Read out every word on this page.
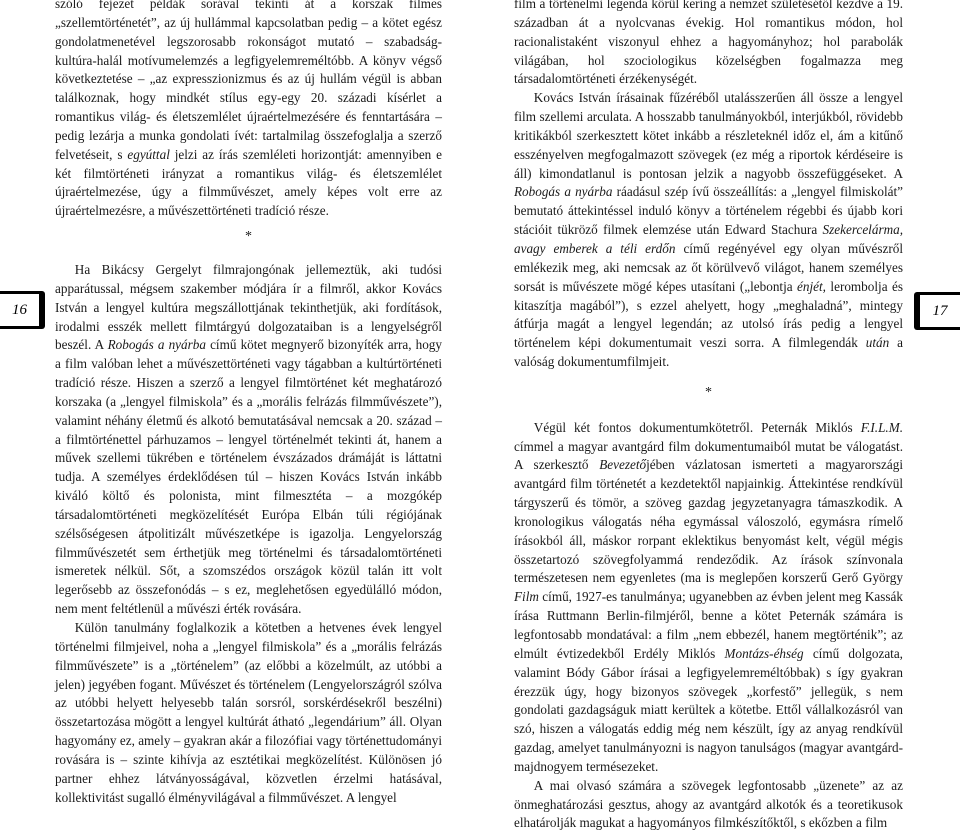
szóló fejezet példák sorával tekinti át a korszak filmes „szellemtörténetét”, az új hullámmal kapcsolatban pedig – a kötet egész gondolatmenetével legszorosabb rokonságot mutató – szabadság-kultúra-halál motívumelemzés a legfigyelemreméltóbb. A könyv végső következtetése – „az expresszionizmus és az új hullám végül is abban találkoznak, hogy mindkét stílus egy-egy 20. századi kísérlet a romantikus világ- és életszemlélet újraértelmezésére és fenntartására – pedig lezárja a munka gondolati ívét: tartalmilag összefoglalja a szerző felvetéseit, s egyúttal jelzi az írás szemléleti horizontját: amennyiben e két filmtörténeti irányzat a romantikus világ- és életszemlélet újraértelmezése, úgy a filmművészet, amely képes volt erre az újraértelmezésre, a művészettörténeti tradíció része.

*

Ha Bikácsy Gergelyt filmrajongónak jellemeztük, aki tudósi apparátussal, mégsem szakember módjára ír a filmről, akkor Kovács István a lengyel kultúra megszállottjának tekinthetjük, aki fordítások, irodalmi esszék mellett filmtárgyú dolgozataiban is a lengyelségről beszél. A Robogás a nyárba című kötet megnyerő bizonyíték arra, hogy a film valóban lehet a művészettörténeti vagy tágabban a kultúrtörténeti tradíció része. Hiszen a szerző a lengyel filmtörténet két meghatározó korszaka (a „lengyel filmiskola” és a „morális felrázás filmművészete”), valamint néhány életmű és alkotó bemutatásával nemcsak a 20. század – a filmtörténettel párhuzamos – lengyel történelmét tekinti át, hanem a művek szellemi tükrében e történelem évszázados drámáját is láttatni tudja. A személyes érdeklődésen túl – hiszen Kovács István inkább kiváló költő és polonista, mint filmesztéta – a mozgókép társadalomtörténeti megközelítését Európa Elbán túli régiójának szélsőségesen átpolitizált művészetképe is igazolja. Lengyelország filmművészetét sem érthetjük meg történelmi és társadalomtörténeti ismeretek nélkül. Sőt, a szomszédos országok közül talán itt volt legerősebb az összefonódás – s ez, meglehetősen egyedülálló módon, nem ment feltétlenül a művészi érték rovására.

Külön tanulmány foglalkozik a kötetben a hetvenes évek lengyel történelmi filmjeivel, noha a „lengyel filmiskola” és a „morális felrázás filmművészete” is a „történelem” (az előbbi a közelmúlt, az utóbbi a jelen) jegyében fogant. Művészet és történelem (Lengyelországról szólva az utóbbi helyett helyesebb talán sorsról, sorskérdésekről beszélni) összetartozása mögött a lengyel kultúrát átható „legendárium” áll. Olyan hagyomány ez, amely – gyakran akár a filozófiai vagy történettudományi rovására is – szinte kihívja az esztétikai megközelítést. Különösen jó partner ehhez látványosságával, közvetlen érzelmi hatásával, kollektivitást sugalló élményvilágával a filmművészet. A lengyel

film a történelmi legenda körül kering a nemzet születésétől kezdve a 19. században át a nyolcvanas évekig. Hol romantikus módon, hol racionalistaként viszonyul ehhez a hagyományhoz; hol parabolák világában, hol szociologikus közelségben fogalmazza meg társadalomtörténeti érzékenységét.

Kovács István írásainak fűzéréből utalásszerűen áll össze a lengyel film szellemi arculata. A hosszabb tanulmányokból, interjúkból, rövidebb kritikákból szerkesztett kötet inkább a részleteknél időz el, ám a kitűnő esszényelven megfogalmazott szövegek (ez még a riportok kérdéseire is áll) kimondatlanul is pontosan jelzik a nagyobb összefüggéseket. A Robogás a nyárba ráadásul szép ívű összeállítás: a „lengyel filmiskolát” bemutató áttekintéssel induló könyv a történelem régebbi és újabb kori stációit tükröző filmek elemzése után Edward Stachura Szekercelárma, avagy emberek a téli erdőn című regényével egy olyan művészről emlékezik meg, aki nemcsak az őt körülvevő világot, hanem személyes sorsát is művészete mögé képes utasítani („lebontja énjét, lerombolja és kitaszítja magából”), s ezzel ahelyett, hogy „meghaladná”, mintegy átfúrja magát a lengyel legendán; az utolsó írás pedig a lengyel történelem képi dokumentumait veszi sorra. A filmlegendák után a valóság dokumentumfilmjeit.

*

Végül két fontos dokumentumkötetről. Peternák Miklós F.I.L.M. címmel a magyar avantgárd film dokumentumaiból mutat be válogatást. A szerkesztő Bevezetőjében vázlatosan ismerteti a magyarországi avantgárd film történetét a kezdetektől napjainkig. Áttekintése rendkívül tárgyszerű és tömör, a szöveg gazdag jegyzetanyagra támaszkodik. A kronologikus válogatás néha egymással váloszoló, egymásra rímelő írásokból áll, máskor rorpant eklektikus benyomást kelt, végül mégis összetartozó szövegfolyammá rendeződik. Az írások színvonala természetesen nem egyenletes (ma is meglepően korszerű Gerő György Film című, 1927-es tanulmánya; ugyanebben az évben jelent meg Kassák írása Ruttmann Berlin-filmjéről, benne a kötet Peternák számára is legfontosabb mondatával: a film „nem ebbezél, hanem megtörténik”; az elmúlt évtizedekből Erdély Miklós Montázs-éhség című dolgozata, valamint Bódy Gábor írásai a legfigyelemreméltóbbak) s így gyakran érezzük úgy, hogy bizonyos szövegek „korfestő” jellegük, s nem gondolati gazdagságuk miatt kerültek a kötetbe. Ettől vállalkozásról van szó, hiszen a válogatás eddig még nem készült, így az anyag rendkívül gazdag, amelyet tanulmányozni is nagyon tanulságos (magyar avantgárd-majdnogyem termésezeket.

A mai olvasó számára a szövegek legfontosabb „üzenete” az az önmeghatározási gesztus, ahogy az avantgárd alkotók és a teoretikusok elhatárolják magukat a hagyományos filmkészítőktől, s ekőzben a film

16	17
